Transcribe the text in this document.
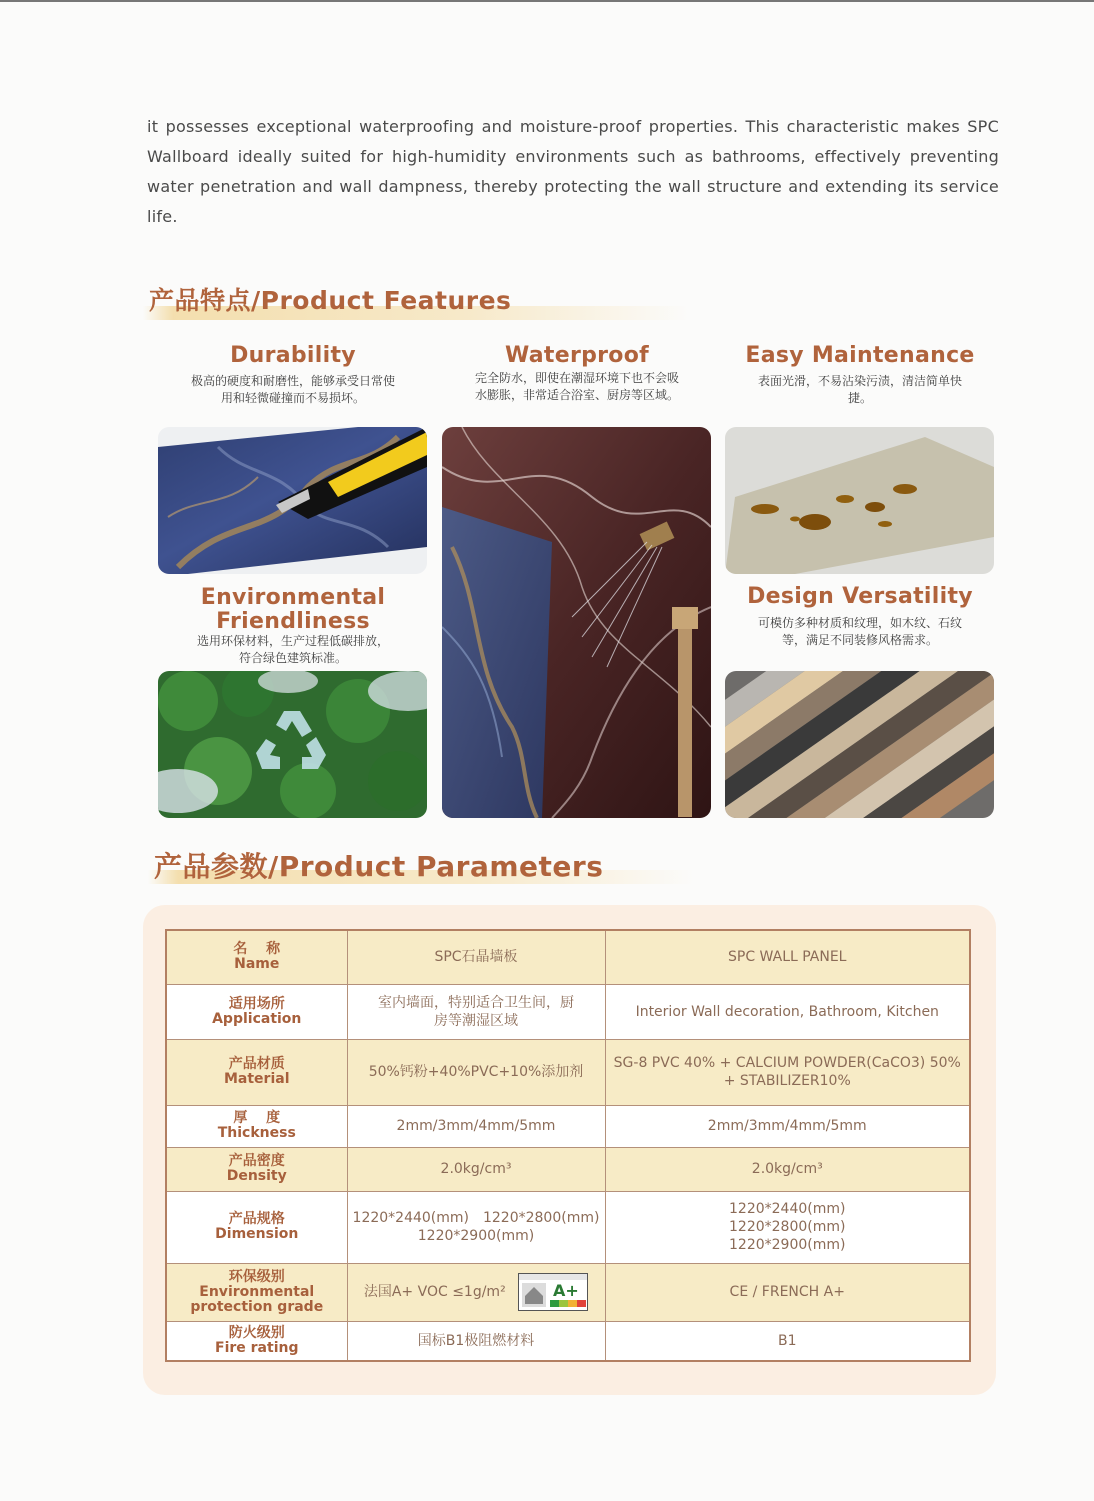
it possesses exceptional waterproofing and moisture-proof properties. This characteristic makes SPC Wallboard ideally suited for high-humidity environments such as bathrooms, effectively preventing water penetration and wall dampness, thereby protecting the wall structure and extending its service life.
产品特点/Product Features
Durability
极高的硬度和耐磨性，能够承受日常使用和轻微碰撞而不易损坏。
Waterproof
完全防水，即使在潮湿环境下也不会吸水膨胀，非常适合浴室、厨房等区域。
Easy Maintenance
表面光滑，不易沾染污渍，清洁简单快捷。
Environmental Friendliness
选用环保材料，生产过程低碳排放，符合绿色建筑标准。
Design Versatility
可模仿多种材质和纹理，如木纹、石纹等，满足不同装修风格需求。
产品参数/Product Parameters
名　 称
Name	SPC石晶墙板	SPC WALL PANEL

适用场所
Application	室内墙面，特别适合卫生间，厨房等潮湿区域	Interior Wall decoration, Bathroom, Kitchen

产品材质
Material	50%钙粉+40%PVC+10%添加剂	SG-8 PVC 40% + CALCIUM POWDER(CaCO3) 50% + STABILIZER10%

厚　 度
Thickness	2mm/3mm/4mm/5mm	2mm/3mm/4mm/5mm

产品密度
Density	2.0kg/cm³	2.0kg/cm³

产品规格
Dimension	1220*2440(mm)　1220*2800(mm) 1220*2900(mm)	1220*2440(mm)　1220*2800(mm) 1220*2900(mm)

环保级别
Environmental protection grade	法国A+ VOC ≤1g/m² A+	CE / FRENCH A+

防火级别
Fire rating	国标B1极阻燃材料	B1
